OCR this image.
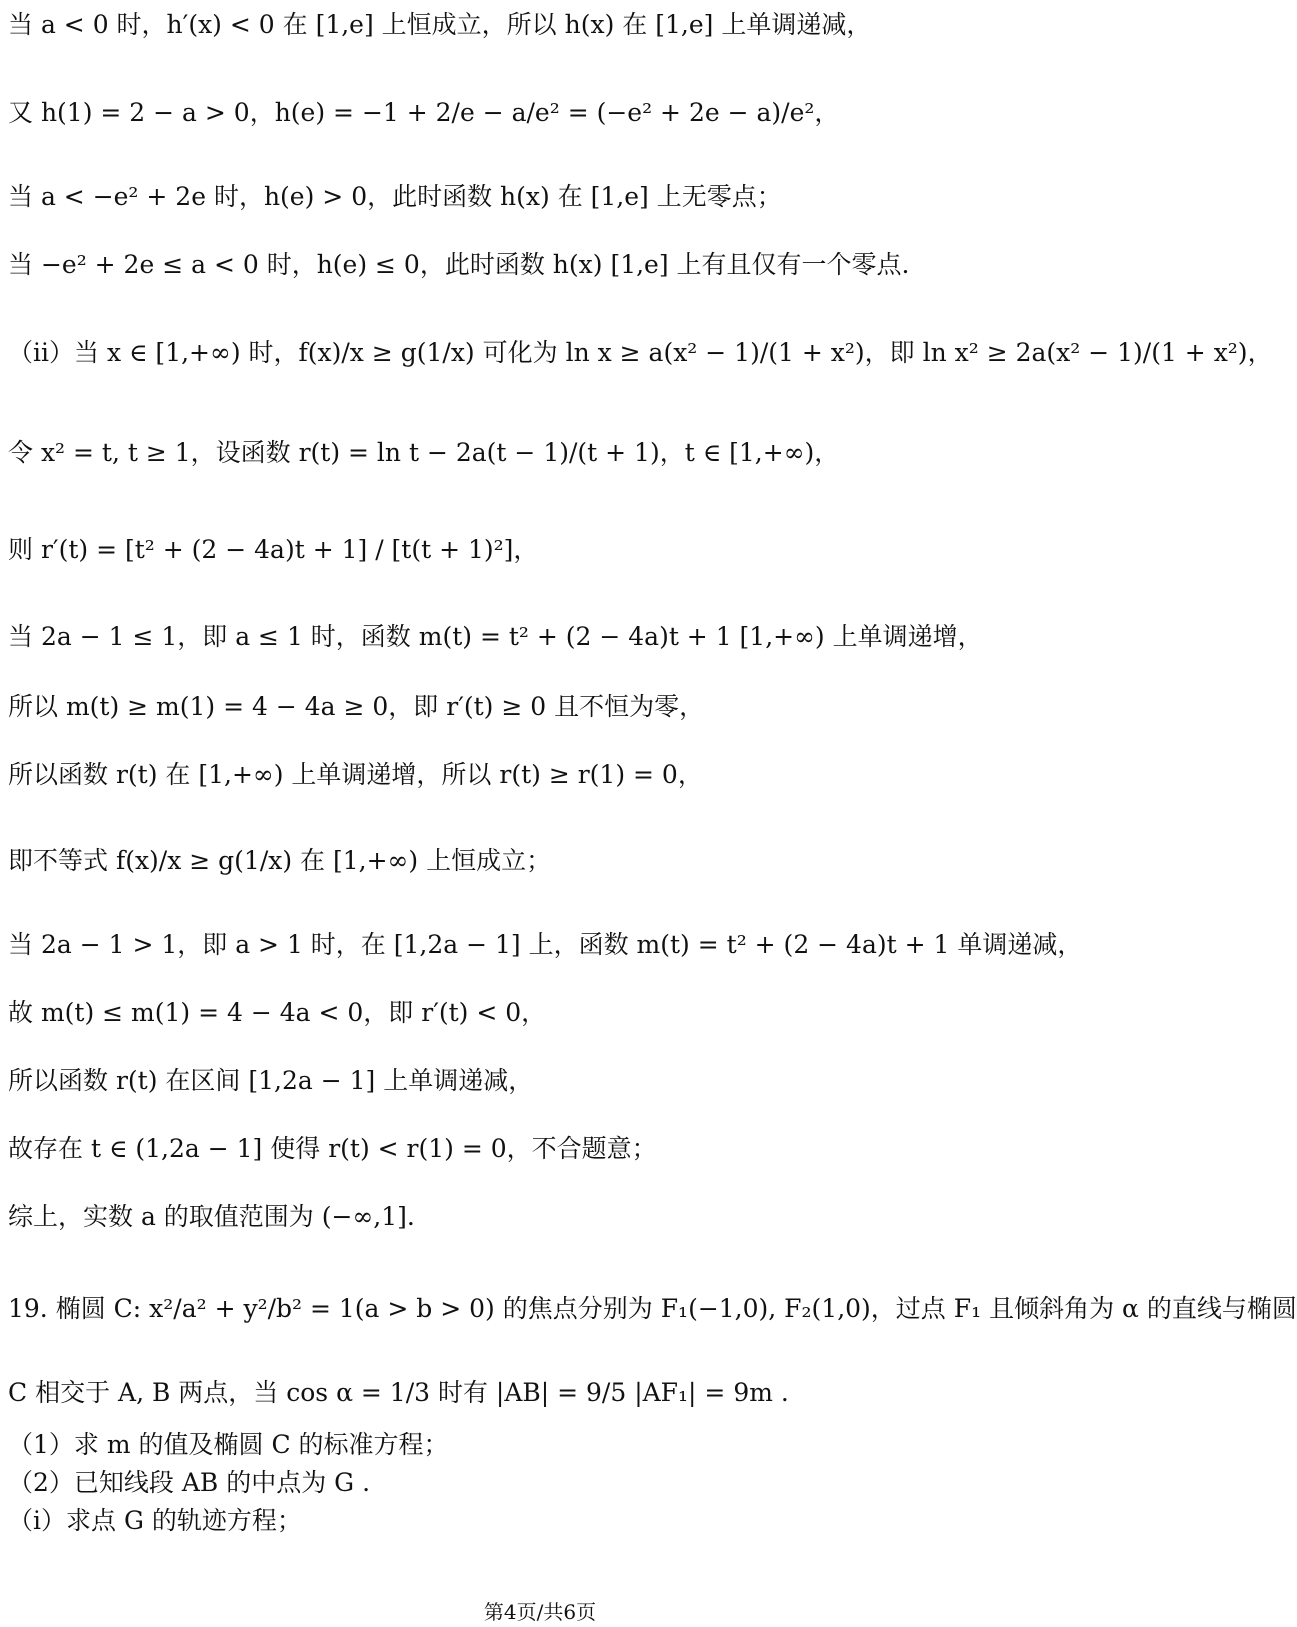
当 a < 0 时，h′(x) < 0 在 [1,e] 上恒成立，所以 h(x) 在 [1,e] 上单调递减，
又 h(1) = 2 − a > 0，h(e) = −1 + 2/e − a/e² = (−e² + 2e − a)/e²，
当 a < −e² + 2e 时，h(e) > 0，此时函数 h(x) 在 [1,e] 上无零点；
当 −e² + 2e ≤ a < 0 时，h(e) ≤ 0，此时函数 h(x) [1,e] 上有且仅有一个零点.
（ii）当 x ∈ [1,+∞) 时，f(x)/x ≥ g(1/x) 可化为 ln x ≥ a(x² − 1)/(1 + x²)，即 ln x² ≥ 2a(x² − 1)/(1 + x²)，
令 x² = t, t ≥ 1，设函数 r(t) = ln t − 2a(t − 1)/(t + 1)，t ∈ [1,+∞)，
则 r′(t) = [t² + (2 − 4a)t + 1] / [t(t + 1)²]，
当 2a − 1 ≤ 1，即 a ≤ 1 时，函数 m(t) = t² + (2 − 4a)t + 1 [1,+∞) 上单调递增，
所以 m(t) ≥ m(1) = 4 − 4a ≥ 0，即 r′(t) ≥ 0 且不恒为零，
所以函数 r(t) 在 [1,+∞) 上单调递增，所以 r(t) ≥ r(1) = 0，
即不等式 f(x)/x ≥ g(1/x) 在 [1,+∞) 上恒成立；
当 2a − 1 > 1，即 a > 1 时，在 [1,2a − 1] 上，函数 m(t) = t² + (2 − 4a)t + 1 单调递减，
故 m(t) ≤ m(1) = 4 − 4a < 0，即 r′(t) < 0，
所以函数 r(t) 在区间 [1,2a − 1] 上单调递减，
故存在 t ∈ (1,2a − 1] 使得 r(t) < r(1) = 0，不合题意；
综上，实数 a 的取值范围为 (−∞,1].
19. 椭圆 C: x²/a² + y²/b² = 1(a > b > 0) 的焦点分别为 F₁(−1,0), F₂(1,0)，过点 F₁ 且倾斜角为 α 的直线与椭圆
C 相交于 A, B 两点，当 cos α = 1/3 时有 |AB| = 9/5 |AF₁| = 9m .
（1）求 m 的值及椭圆 C 的标准方程；
（2）已知线段 AB 的中点为 G .
（i）求点 G 的轨迹方程；
第4页/共6页
